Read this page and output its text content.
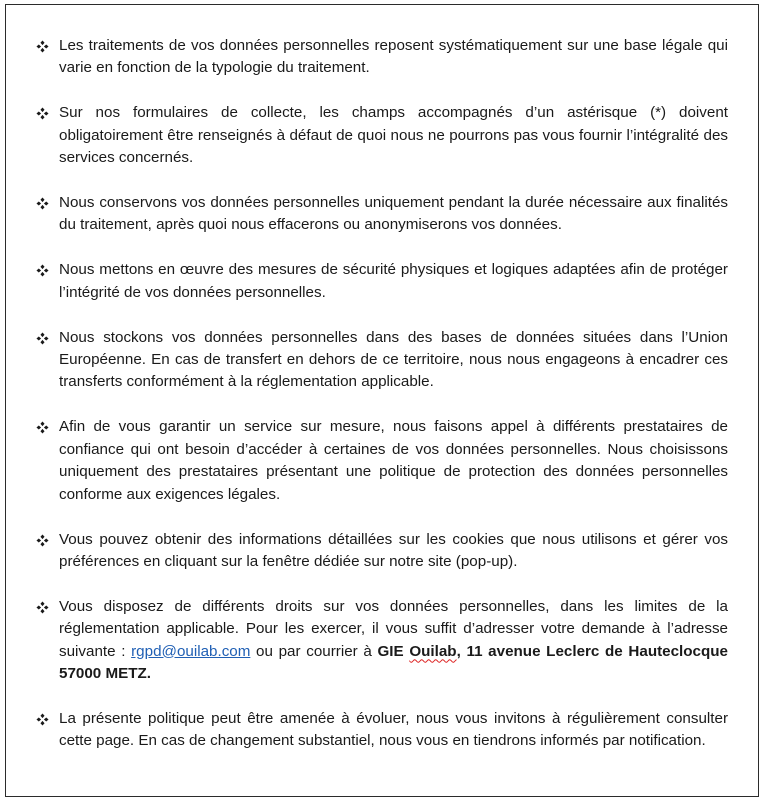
Les traitements de vos données personnelles reposent systématiquement sur une base légale qui varie en fonction de la typologie du traitement.
Sur nos formulaires de collecte, les champs accompagnés d’un astérisque (*) doivent obligatoirement être renseignés à défaut de quoi nous ne pourrons pas vous fournir l’intégralité des services concernés.
Nous conservons vos données personnelles uniquement pendant la durée nécessaire aux finalités du traitement, après quoi nous effacerons ou anonymiserons vos données.
Nous mettons en œuvre des mesures de sécurité physiques et logiques adaptées afin de protéger l’intégrité de vos données personnelles.
Nous stockons vos données personnelles dans des bases de données situées dans l’Union Européenne. En cas de transfert en dehors de ce territoire, nous nous engageons à encadrer ces transferts conformément à la réglementation applicable.
Afin de vous garantir un service sur mesure, nous faisons appel à différents prestataires de confiance qui ont besoin d’accéder à certaines de vos données personnelles. Nous choisissons uniquement des prestataires présentant une politique de protection des données personnelles conforme aux exigences légales.
Vous pouvez obtenir des informations détaillées sur les cookies que nous utilisons et gérer vos préférences en cliquant sur la fenêtre dédiée sur notre site (pop-up).
Vous disposez de différents droits sur vos données personnelles, dans les limites de la réglementation applicable. Pour les exercer, il vous suffit d’adresser votre demande à l’adresse suivante : rgpd@ouilab.com ou par courrier à GIE Ouilab, 11 avenue Leclerc de Hauteclocque 57000 METZ.
La présente politique peut être amenée à évoluer, nous vous invitons à régulièrement consulter cette page. En cas de changement substantiel, nous vous en tiendrons informés par notification.
